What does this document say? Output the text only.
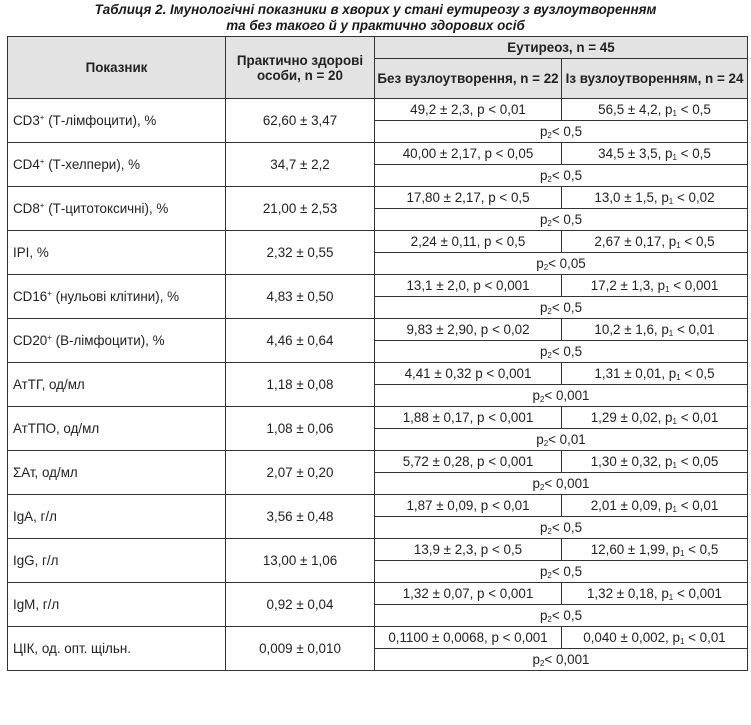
Таблиця 2. Імунологічні показники в хворих у стані еутиреозу з вузлоутворенням
та без такого й у практично здорових осіб
Показник	Практично здорові особи, n = 20	Еутиреоз, n = 45	
		Без вузлоутворення, n = 22	Із вузлоутворенням, n = 24
CD3+ (Т-лімфоцити), %	62,60 ± 3,47	49,2 ± 2,3, p < 0,01	56,5 ± 4,2, $p_1 < 0,5$
		$p_2< 0,5$	
CD4+ (Т-хелпери), %	34,7 ± 2,2	40,00 ± 2,17, p < 0,05	34,5 ± 3,5, $p_1 < 0,5$
		$p_2< 0,5$	
CD8+ (Т-цитотоксичні), %	21,00 ± 2,53	17,80 ± 2,17, p < 0,5	13,0 ± 1,5, $p_1 < 0,02$
		$p_2< 0,5$	
IPI, %	2,32 ± 0,55	2,24 ± 0,11, p < 0,5	2,67 ± 0,17, $p_1 < 0,5$
		$p_2< 0,05$	
CD16+ (нульові клітини), %	4,83 ± 0,50	13,1 ± 2,0, p < 0,001	17,2 ± 1,3, $p_1 < 0,001$
		$p_2< 0,5$	
CD20+ (В-лімфоцити), %	4,46 ± 0,64	9,83 ± 2,90, p < 0,02	10,2 ± 1,6, $p_1 < 0,01$
		$p_2< 0,5$	
АтТГ, од/мл	1,18 ± 0,08	4,41 ± 0,32 p < 0,001	1,31 ± 0,01, $p_1 < 0,5$
		$p_2< 0,001$	
АтТПО, од/мл	1,08 ± 0,06	1,88 ± 0,17, p < 0,001	1,29 ± 0,02, $p_1 < 0,01$
		$p_2< 0,01$	
ΣАт, од/мл	2,07 ± 0,20	5,72 ± 0,28, p < 0,001	1,30 ± 0,32, $p_1 < 0,05$
		$p_2< 0,001$	
IgA, г/л	3,56 ± 0,48	1,87 ± 0,09, p < 0,01	2,01 ± 0,09, $p_1 < 0,01$
		$p_2< 0,5$	
IgG, г/л	13,00 ± 1,06	13,9 ± 2,3, p < 0,5	12,60 ± 1,99, $p_1 < 0,5$
		$p_2< 0,5$	
IgM, г/л	0,92 ± 0,04	1,32 ± 0,07, p < 0,001	1,32 ± 0,18, $p_1 < 0,001$
		$p_2< 0,5$	
ЦІК, од. опт. щільн.	0,009 ± 0,010	0,1100 ± 0,0068, p < 0,001	0,040 ± 0,002, $p_1 < 0,01$
		$p_2< 0,001$	
